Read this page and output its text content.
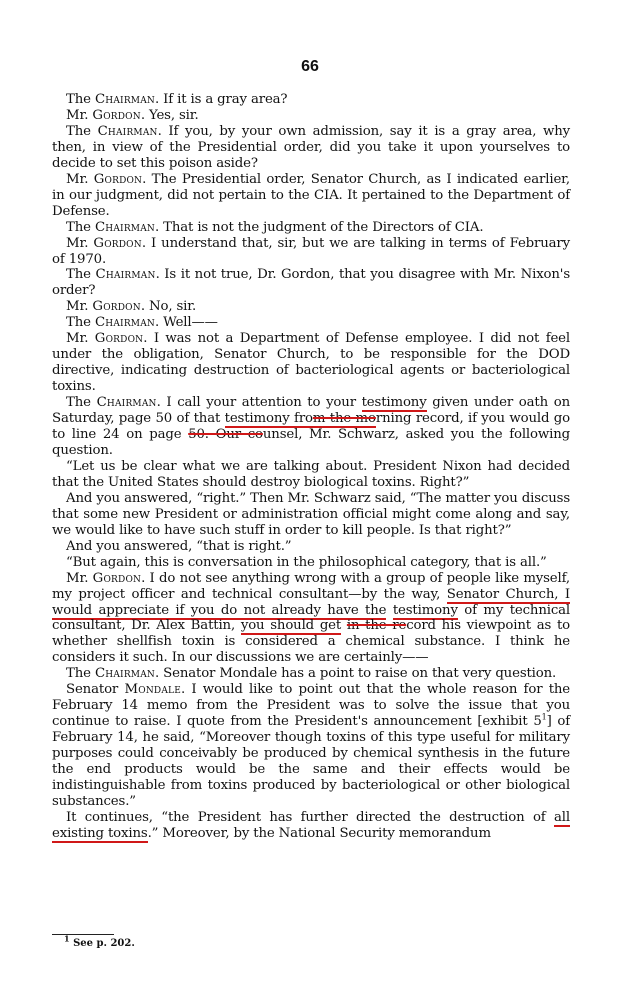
66

The Chairman. If it is a gray area?

Mr. Gordon. Yes, sir.

The Chairman. If you, by your own admission, say it is a gray area, why then, in view of the Presidential order, did you take it upon yourselves to decide to set this poison aside?

Mr. Gordon. The Presidential order, Senator Church, as I indicated earlier, in our judgment, did not pertain to the CIA. It pertained to the Department of Defense.

The Chairman. That is not the judgment of the Directors of CIA.

Mr. Gordon. I understand that, sir, but we are talking in terms of February of 1970.

The Chairman. Is it not true, Dr. Gordon, that you disagree with Mr. Nixon's order?

Mr. Gordon. No, sir.

The Chairman. Well——

Mr. Gordon. I was not a Department of Defense employee. I did not feel under the obligation, Senator Church, to be responsible for the DOD directive, indicating destruction of bacteriological agents or bacteriological toxins.

The Chairman. I call your attention to your testimony given under oath on Saturday, page 50 of that testimony from the morning record, if you would go to line 24 on page 50. Our counsel, Mr. Schwarz, asked you the following question.

“Let us be clear what we are talking about. President Nixon had decided that the United States should destroy biological toxins. Right?”

And you answered, “right.” Then Mr. Schwarz said, “The matter you discuss that some new President or administration official might come along and say, we would like to have such stuff in order to kill people. Is that right?”

And you answered, “that is right.”

“But again, this is conversation in the philosophical category, that is all.”

Mr. Gordon. I do not see anything wrong with a group of people like myself, my project officer and technical consultant—by the way, Senator Church, I would appreciate if you do not already have the testimony of my technical consultant, Dr. Alex Battin, you should get in the record his viewpoint as to whether shellfish toxin is considered a chemical substance. I think he considers it such. In our discussions we are certainly——

The Chairman. Senator Mondale has a point to raise on that very question.

Senator Mondale. I would like to point out that the whole reason for the February 14 memo from the President was to solve the issue that you continue to raise. I quote from the President's announcement [exhibit $5^1$] of February 14, he said, “Moreover though toxins of this type useful for military purposes could conceivably be produced by chemical synthesis in the future the end products would be the same and their effects would be indistinguishable from toxins produced by bacteriological or other biological substances.”

It continues, “the President has further directed the destruction of all existing toxins.” Moreover, by the National Security memorandum

$^1$ See p. 202.
